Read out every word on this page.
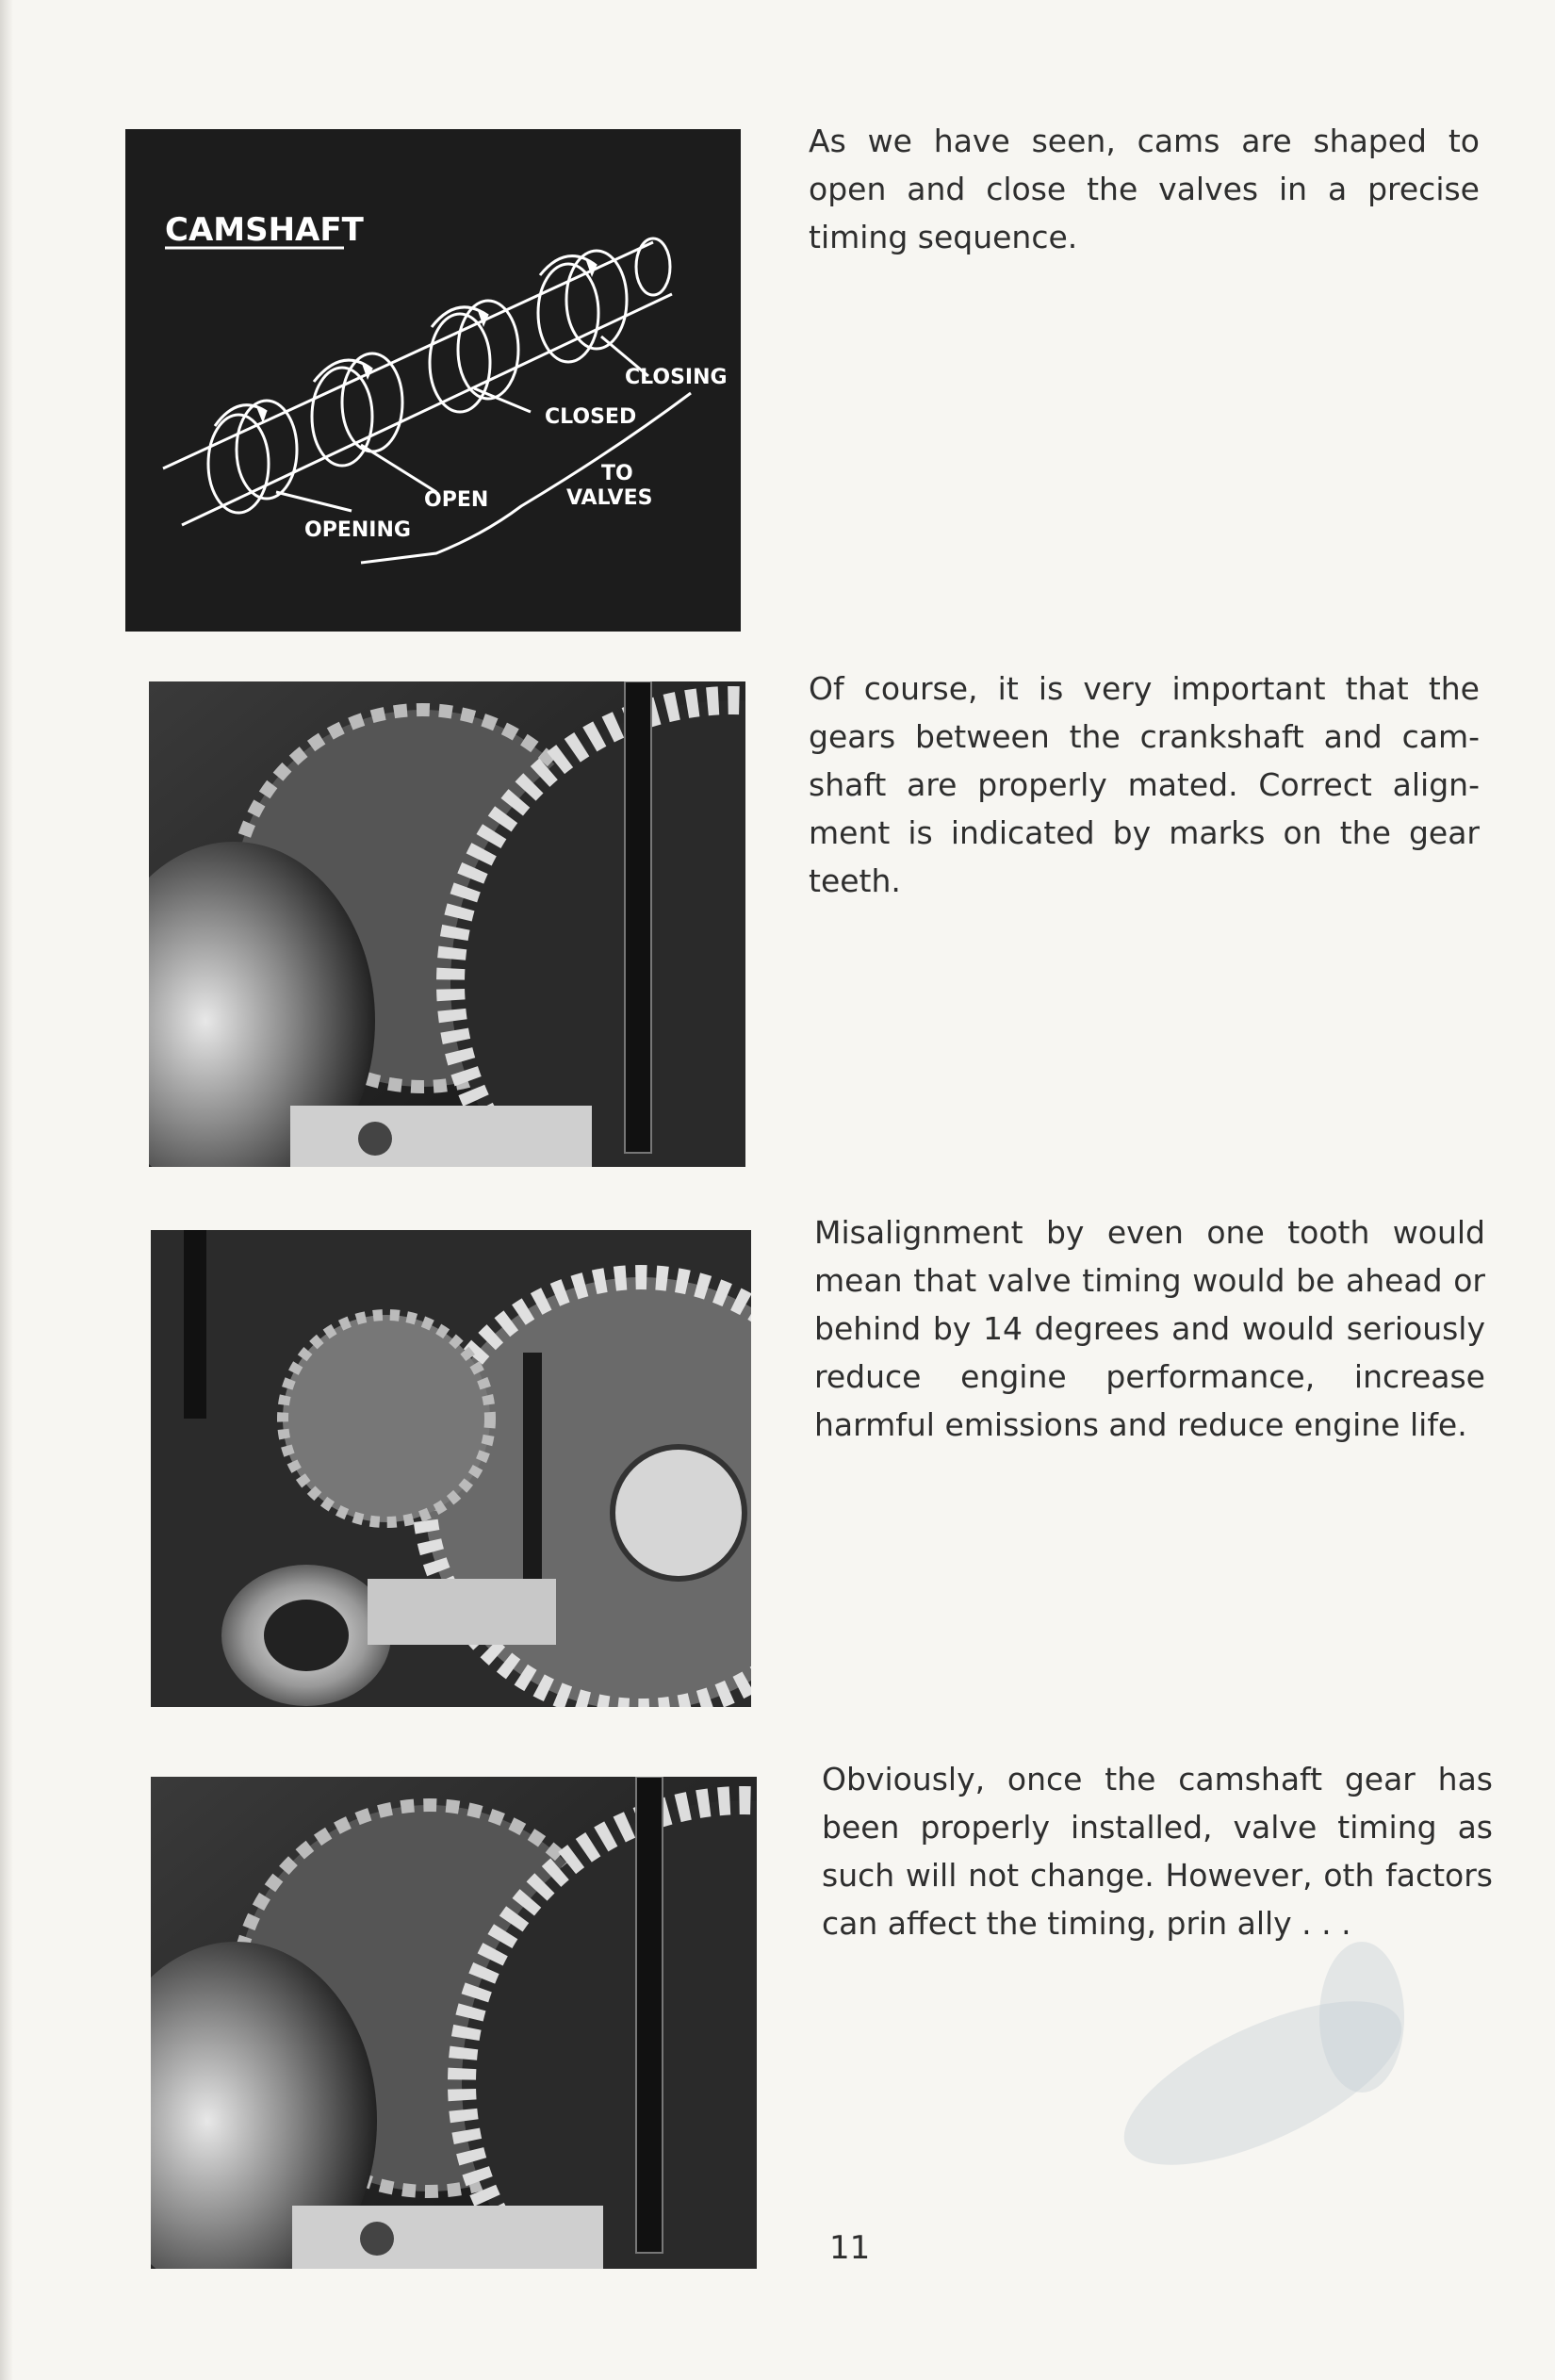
CAMSHAFT
CLOSING
CLOSED
TO
VALVES
OPEN
OPENING

As we have seen, cams are shaped to open and close the valves in a precise timing sequence.

Of course, it is very important that the gears between the crankshaft and cam-shaft are properly mated. Correct align-ment is indicated by marks on the gear teeth.

Misalignment by even one tooth would mean that valve timing would be ahead or behind by 14 degrees and would seriously reduce engine performance, increase harmful emissions and reduce engine life.

Obviously, once the camshaft gear has been properly installed, valve timing as such will not change. However, oth factors can affect the timing, prin ally . . .

11
